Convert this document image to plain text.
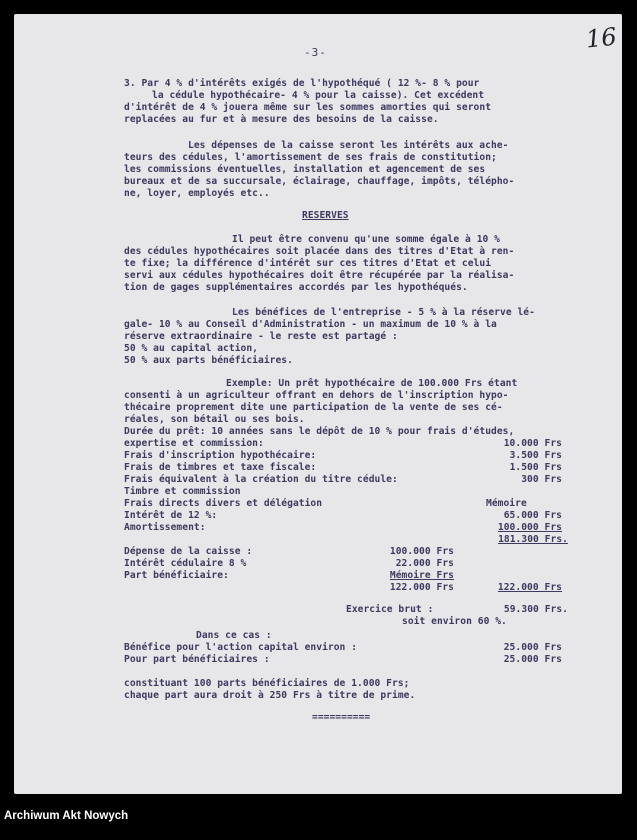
16
-3-
3. Par 4 % d'intérêts exigés de l'hypothéqué ( 12 %- 8 % pour
la cédule hypothécaire- 4 % pour la caisse). Cet excédent
d'intérêt de 4 % jouera même sur les sommes amorties qui seront
replacées au fur et à mesure des besoins de la caisse.
Les dépenses de la caisse seront les intérêts aux ache-
teurs des cédules, l'amortissement de ses frais de constitution;
les commissions éventuelles, installation et agencement de ses
bureaux et de sa succursale, éclairage, chauffage, impôts, télépho-
ne, loyer, employés etc..
RESERVES
Il peut être convenu qu'une somme égale à 10 %
des cédules hypothécaires soit placée dans des titres d'Etat à ren-
te fixe; la différence d'intérêt sur ces titres d'Etat et celui
servi aux cédules hypothécaires doit être récupérée par la réalisa-
tion de gages supplémentaires accordés par les hypothéqués.
Les bénéfices de l'entreprise - 5 % à la réserve lé-
gale- 10 % au Conseil d'Administration - un maximum de 10 % à la
réserve extraordinaire - le reste est partagé :
50 % au capital action,
50 % aux parts bénéficiaires.
Exemple: Un prêt hypothécaire de 100.000 Frs étant
consenti à un agriculteur offrant en dehors de l'inscription hypo-
thécaire proprement dite une participation de la vente de ses cé-
réales, son bétail ou ses bois.
Durée du prêt: 10 années sans le dépôt de 10 % pour frais d'études,
expertise et commission:	10.000 Frs
Frais d'inscription hypothécaire:	3.500 Frs
Frais de timbres et taxe fiscale:	1.500 Frs
Frais équivalent à la création du titre cédule:	300 Frs
Timbre et commission
Frais directs divers et délégation	Mémoire
Intérêt de 12 %:	65.000 Frs
Amortissement:	100.000 Frs
181.300 Frs.
Dépense de la caisse :	100.000 Frs
Intérêt cédulaire 8 %	22.000 Frs
Part bénéficiaire:	Mémoire Frs
122.000 Frs	122.000 Frs
Exercice brut :	59.300 Frs.
soit environ 60 %.
Dans ce cas :
Bénéfice pour l'action capital environ :	25.000 Frs
Pour part bénéficiaires :	25.000 Frs
constituant 100 parts bénéficiaires de 1.000 Frs;
chaque part aura droit à 250 Frs à titre de prime.
==========
Archiwum Akt Nowych
